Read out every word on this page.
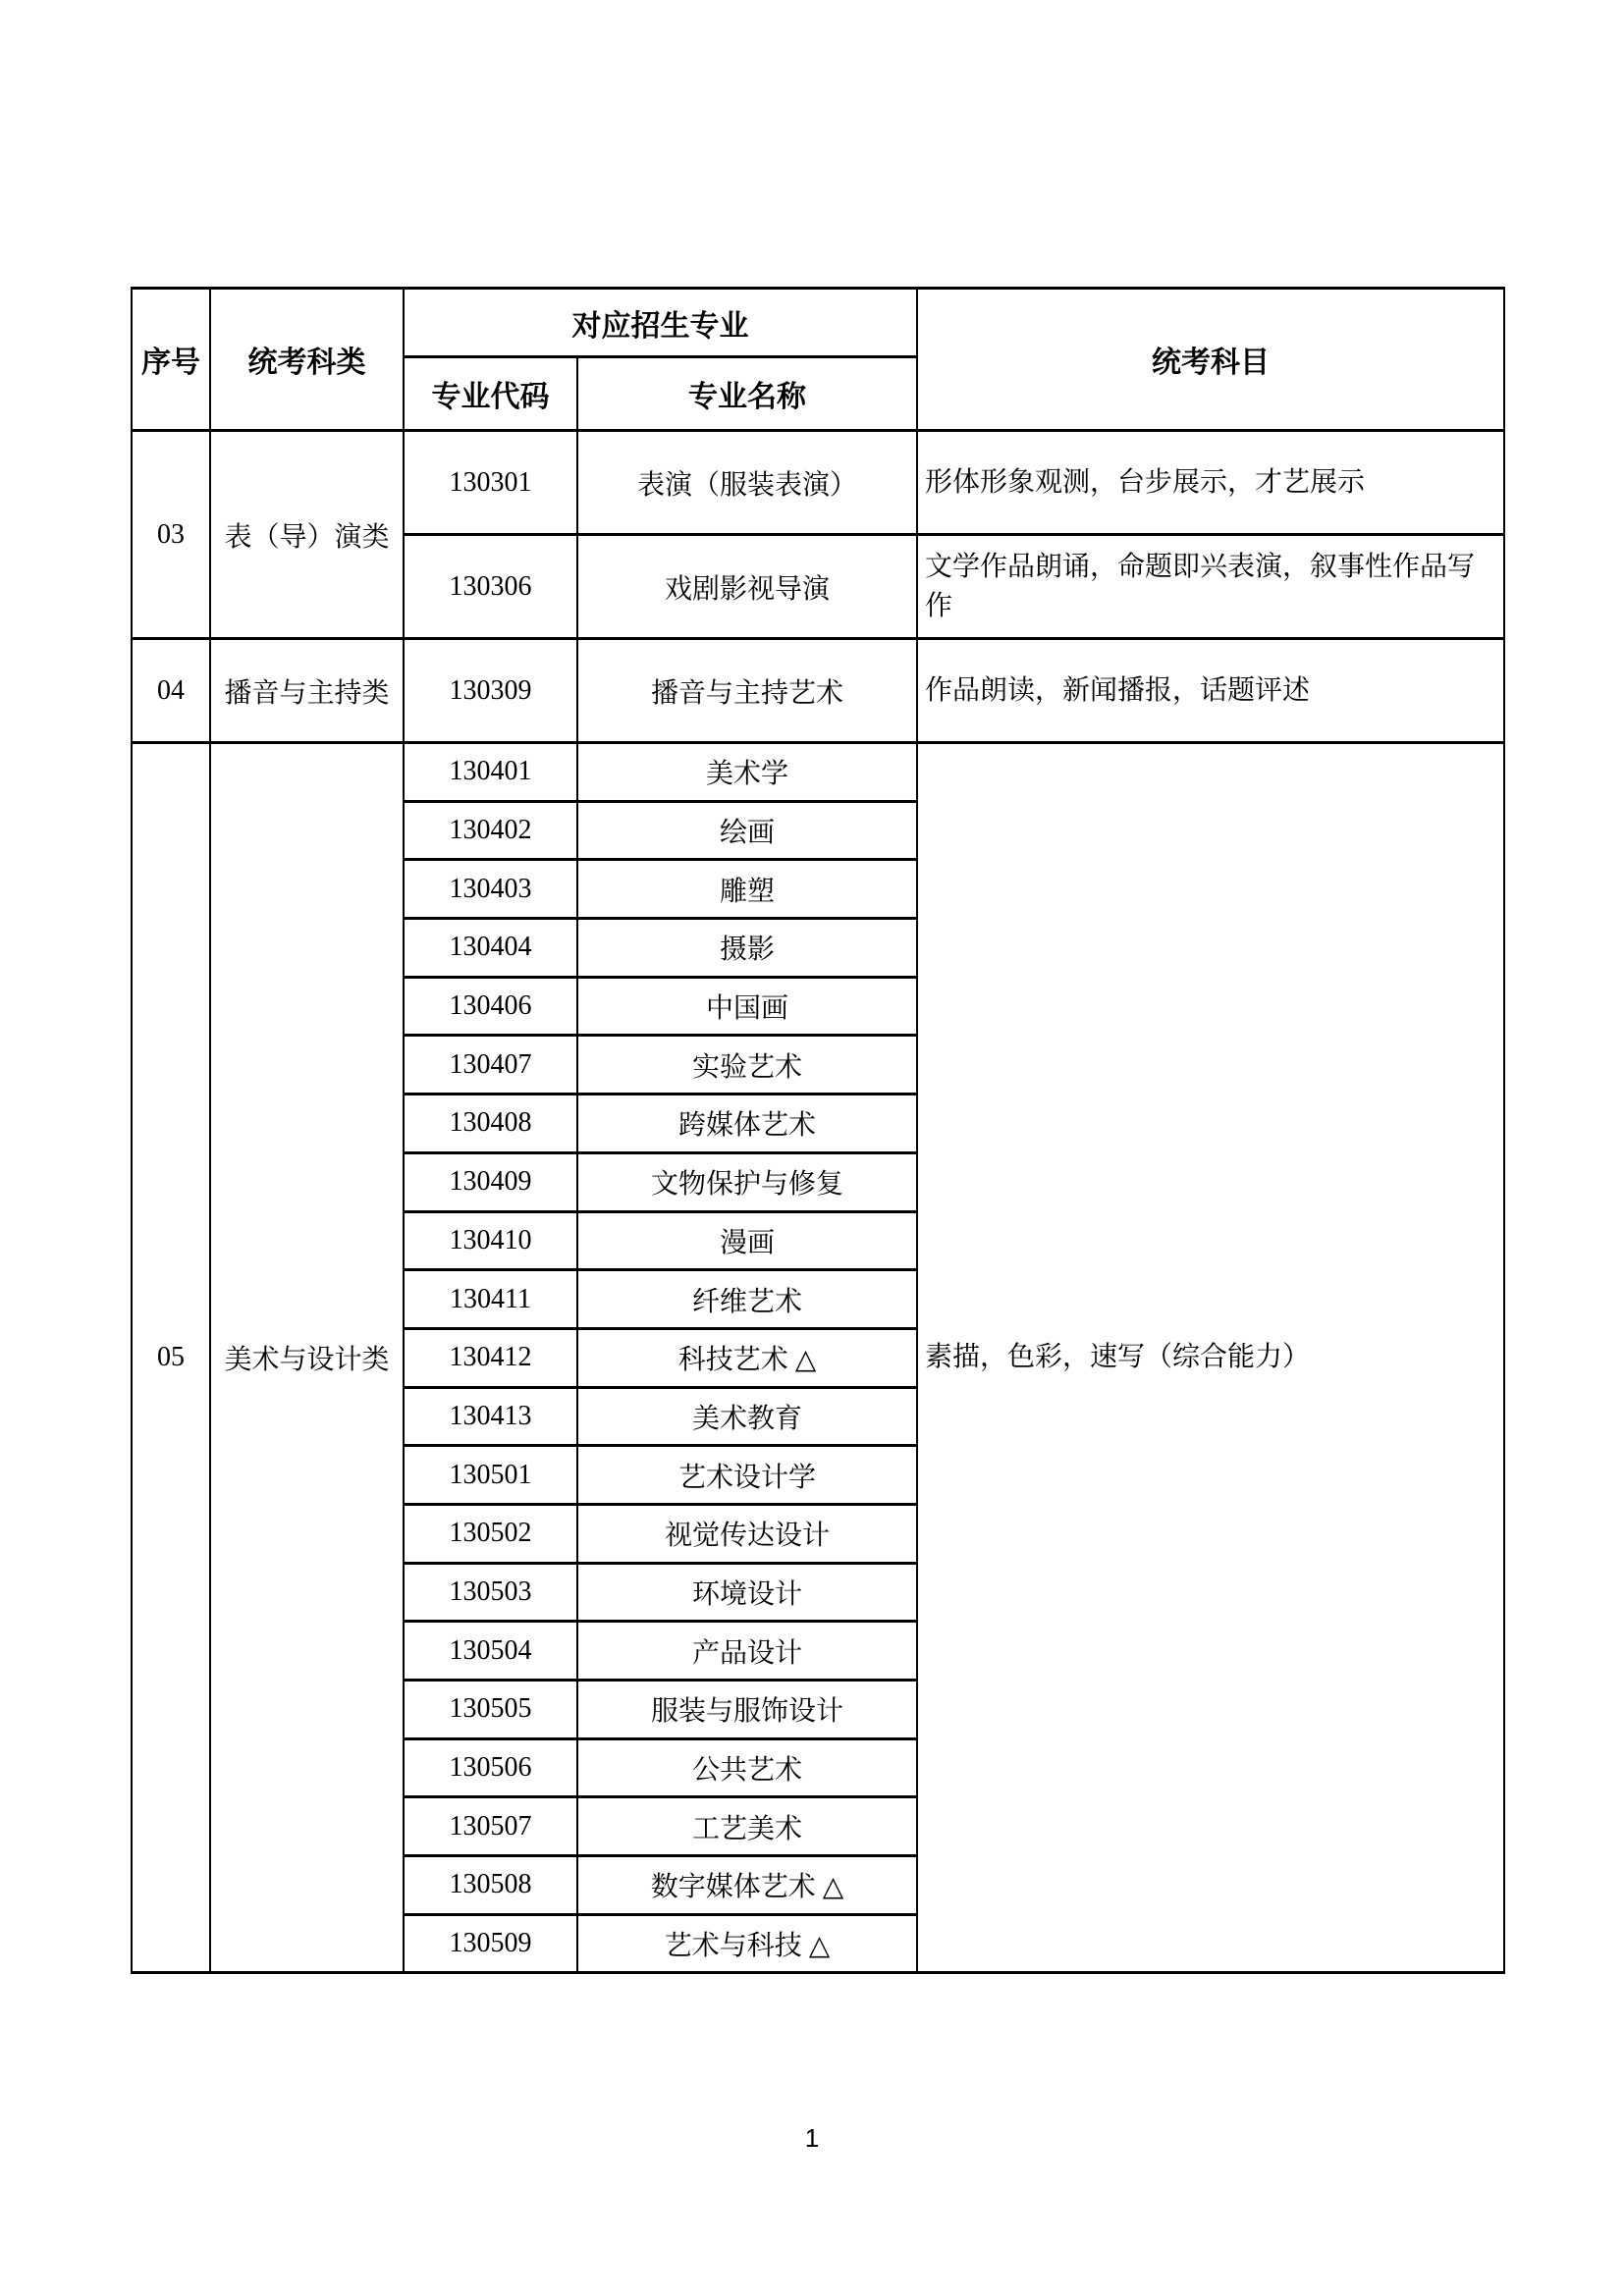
序号	统考科类	对应招生专业		统考科目
		专业代码	专业名称	
03	表（导）演类	130301	表演（服装表演）	形体形象观测，台步展示，才艺展示
		130306	戏剧影视导演	文学作品朗诵，命题即兴表演，叙事性作品写作
04	播音与主持类	130309	播音与主持艺术	作品朗读，新闻播报，话题评述
05	美术与设计类	130401	美术学	素描，色彩，速写（综合能力）
		130402	绘画	
		130403	雕塑	
		130404	摄影	
		130406	中国画	
		130407	实验艺术	
		130408	跨媒体艺术	
		130409	文物保护与修复	
		130410	漫画	
		130411	纤维艺术	
		130412	科技艺术 △	
		130413	美术教育	
		130501	艺术设计学	
		130502	视觉传达设计	
		130503	环境设计	
		130504	产品设计	
		130505	服装与服饰设计	
		130506	公共艺术	
		130507	工艺美术	
		130508	数字媒体艺术 △	
		130509	艺术与科技 △	
1
